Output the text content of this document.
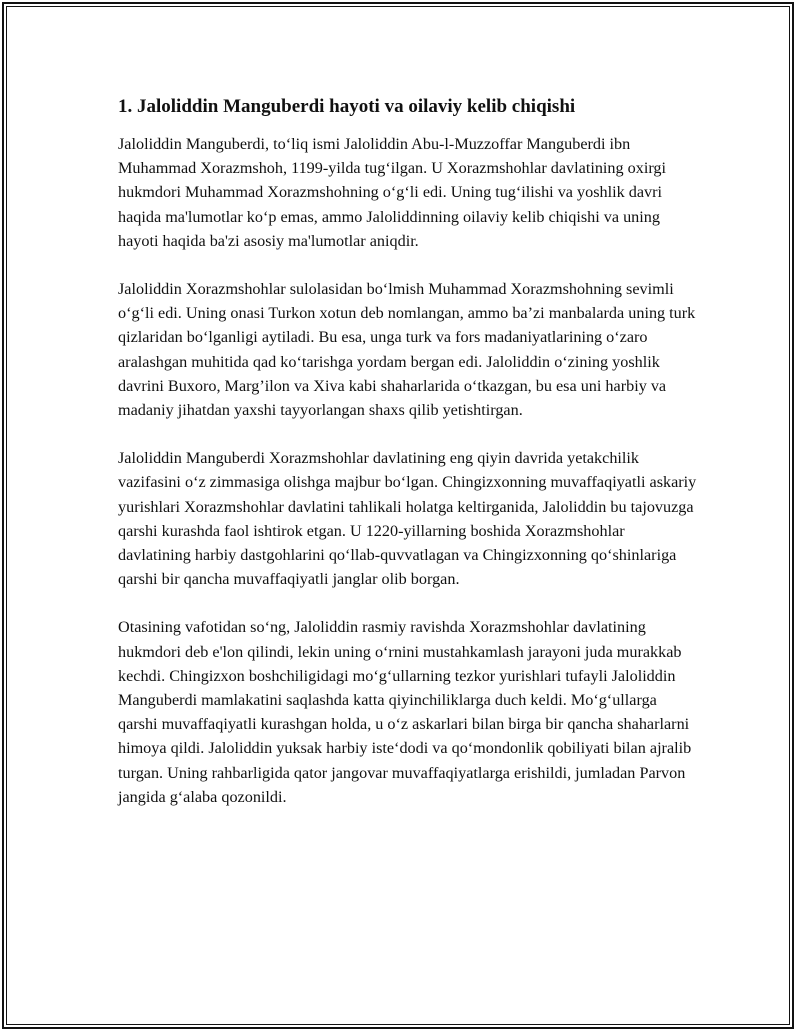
1. Jaloliddin Manguberdi hayoti va oilaviy kelib chiqishi

Jaloliddin Manguberdi, to‘liq ismi Jaloliddin Abu-l-Muzzoffar Manguberdi ibn Muhammad Xorazmshoh, 1199-yilda tug‘ilgan. U Xorazmshohlar davlatining oxirgi hukmdori Muhammad Xorazmshohning o‘g‘li edi. Uning tug‘ilishi va yoshlik davri haqida ma'lumotlar ko‘p emas, ammo Jaloliddinning oilaviy kelib chiqishi va uning hayoti haqida ba'zi asosiy ma'lumotlar aniqdir.

Jaloliddin Xorazmshohlar sulolasidan bo‘lmish Muhammad Xorazmshohning sevimli o‘g‘li edi. Uning onasi Turkon xotun deb nomlangan, ammo ba’zi manbalarda uning turk qizlaridan bo‘lganligi aytiladi. Bu esa, unga turk va fors madaniyatlarining o‘zaro aralashgan muhitida qad ko‘tarishga yordam bergan edi. Jaloliddin o‘zining yoshlik davrini Buxoro, Marg’ilon va Xiva kabi shaharlarida o‘tkazgan, bu esa uni harbiy va madaniy jihatdan yaxshi tayyorlangan shaxs qilib yetishtirgan.

Jaloliddin Manguberdi Xorazmshohlar davlatining eng qiyin davrida yetakchilik vazifasini o‘z zimmasiga olishga majbur bo‘lgan. Chingizxonning muvaffaqiyatli askariy yurishlari Xorazmshohlar davlatini tahlikali holatga keltirganida, Jaloliddin bu tajovuzga qarshi kurashda faol ishtirok etgan. U 1220-yillarning boshida Xorazmshohlar davlatining harbiy dastgohlarini qo‘llab-quvvatlagan va Chingizxonning qo‘shinlariga qarshi bir qancha muvaffaqiyatli janglar olib borgan.

Otasining vafotidan so‘ng, Jaloliddin rasmiy ravishda Xorazmshohlar davlatining hukmdori deb e'lon qilindi, lekin uning o‘rnini mustahkamlash jarayoni juda murakkab kechdi. Chingizxon boshchiligidagi mo‘g‘ullarning tezkor yurishlari tufayli Jaloliddin Manguberdi mamlakatini saqlashda katta qiyinchiliklarga duch keldi. Mo‘g‘ullarga qarshi muvaffaqiyatli kurashgan holda, u o‘z askarlari bilan birga bir qancha shaharlarni himoya qildi. Jaloliddin yuksak harbiy iste‘dodi va qo‘mondonlik qobiliyati bilan ajralib turgan. Uning rahbarligida qator jangovar muvaffaqiyatlarga erishildi, jumladan Parvon jangida g‘alaba qozonildi.
